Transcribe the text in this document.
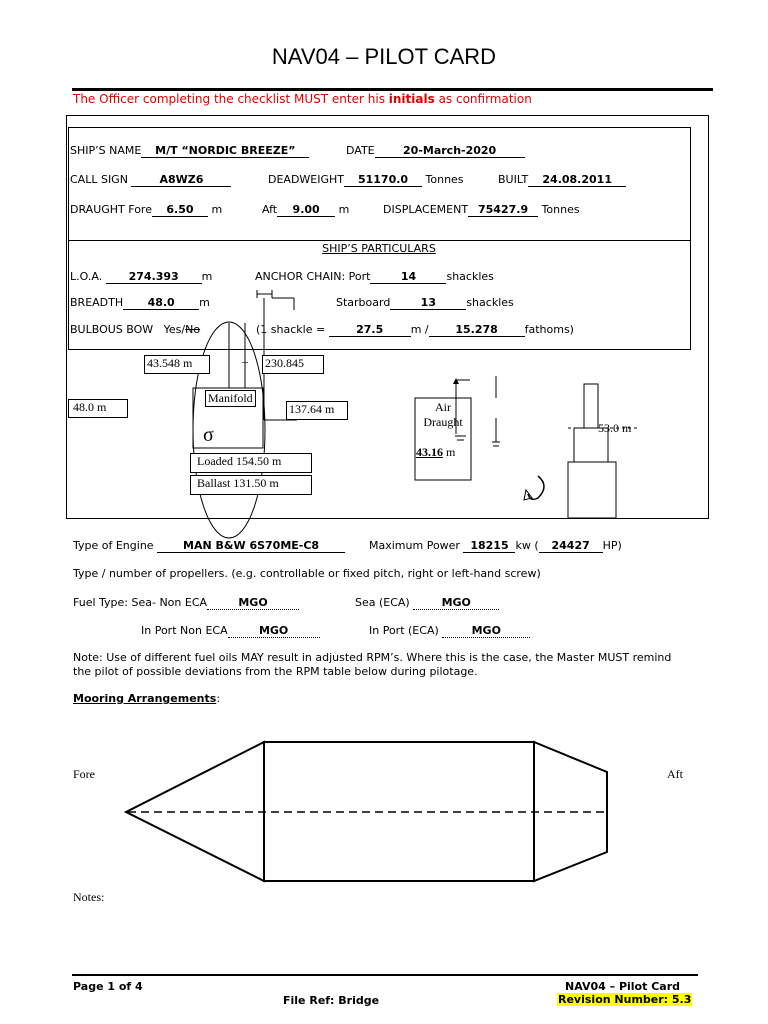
NAV04 – PILOT CARD
The Officer completing the checklist MUST enter his initials as confirmation
SHIP’S NAME M/T “NORDIC BREEZE”	DATE	20-March-2020
CALL SIGN	A8WZ6	DEADWEIGHT 51170.0 Tonnes	BUILT 24.08.2011
DRAUGHT Fore 6.50 m	Aft 9.00 m	DISPLACEMENT 75427.9 Tonnes
SHIP’S PARTICULARS
L.O.A. 274.393 m	ANCHOR CHAIN: Port	14	shackles
BREADTH 48.0 m	Starboard	13	shackles
BULBOUS BOW Yes/No	(1 shackle =	27.5 m / 15.278 fathoms)
43.548 m	– 230.845
48.0 m
Manifold
σ
137.64 m
Loaded 154.50 m
Ballast 131.50 m
Air
Draught
43.16 m
53.0 m
Type of Engine	MAN B&W 6S70ME-C8	Maximum Power 18215 kw ( 24427 HP)
Type / number of propellers. (e.g. controllable or fixed pitch, right or left-hand screw)
Fuel Type: Sea- Non ECA	MGO	Sea (ECA)	MGO
In Port Non ECA	MGO	In Port (ECA)	MGO
Note: Use of different fuel oils MAY result in adjusted RPM’s. Where this is the case, the Master MUST remind the pilot of possible deviations from the RPM table below during pilotage.
Mooring Arrangements:
Fore	Aft
Notes:
Page 1 of 4
File Ref: Bridge
NAV04 – Pilot Card
Revision Number: 5.3
